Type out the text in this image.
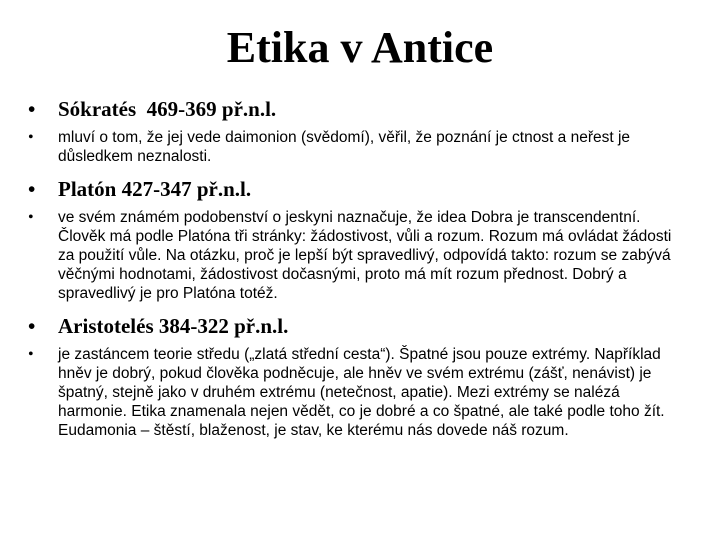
Etika v Antice
• Sókratés  469-369 př.n.l.
• mluví o tom, že jej vede daimonion (svědomí), věřil, že poznání je ctnost a neřest je důsledkem neznalosti.
• Platón 427-347 př.n.l.
• ve svém známém podobenství o jeskyni naznačuje, že idea Dobra je transcendentní. Člověk má podle Platóna tři stránky: žádostivost, vůli a rozum. Rozum má ovládat žádosti za použití vůle. Na otázku, proč je lepší být spravedlivý, odpovídá takto: rozum se zabývá věčnými hodnotami, žádostivost dočasnými, proto má mít rozum přednost. Dobrý a spravedlivý je pro Platóna totéž.
• Aristotelés 384-322 př.n.l.
• je zastáncem teorie středu („zlatá střední cesta“). Špatné jsou pouze extrémy. Například hněv je dobrý, pokud člověka podněcuje, ale hněv ve svém extrému (zášť, nenávist) je špatný, stejně jako v druhém extrému (netečnost, apatie). Mezi extrémy se nalézá harmonie. Etika znamenala nejen vědět, co je dobré a co špatné, ale také podle toho žít. Eudamonia – štěstí, blaženost, je stav, ke kterému nás dovede náš rozum.
